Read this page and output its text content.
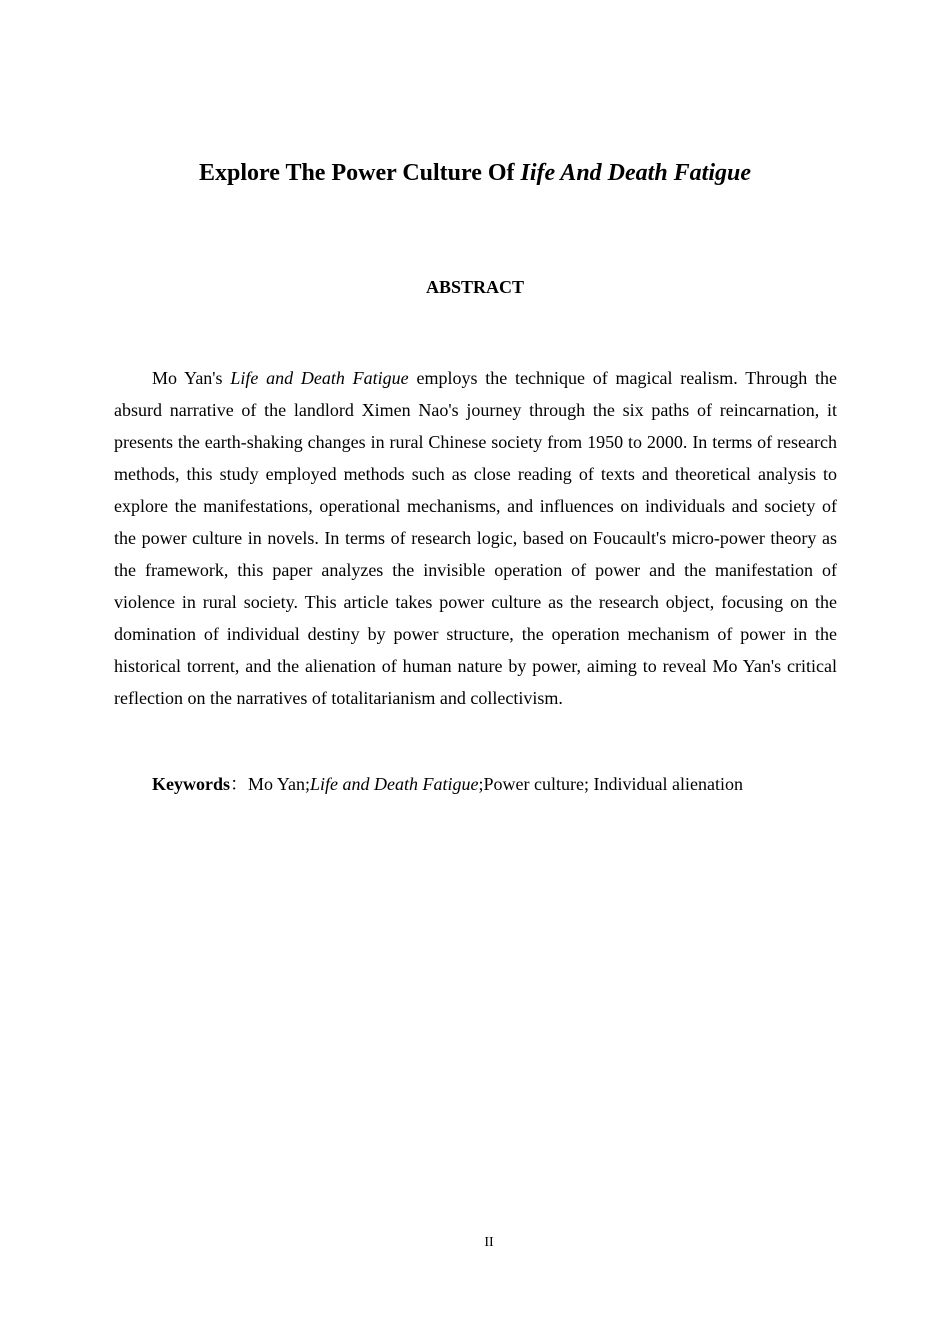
Explore The Power Culture Of Iife And Death Fatigue
ABSTRACT

Mo Yan's Life and Death Fatigue employs the technique of magical realism. Through the absurd narrative of the landlord Ximen Nao's journey through the six paths of reincarnation, it presents the earth-shaking changes in rural Chinese society from 1950 to 2000. In terms of research methods, this study employed methods such as close reading of texts and theoretical analysis to explore the manifestations, operational mechanisms, and influences on individuals and society of the power culture in novels. In terms of research logic, based on Foucault's micro-power theory as the framework, this paper analyzes the invisible operation of power and the manifestation of violence in rural society. This article takes power culture as the research object, focusing on the domination of individual destiny by power structure, the operation mechanism of power in the historical torrent, and the alienation of human nature by power, aiming to reveal Mo Yan's critical reflection on the narratives of totalitarianism and collectivism.

Keywords：Mo Yan;Life and Death Fatigue;Power culture; Individual alienation
II
